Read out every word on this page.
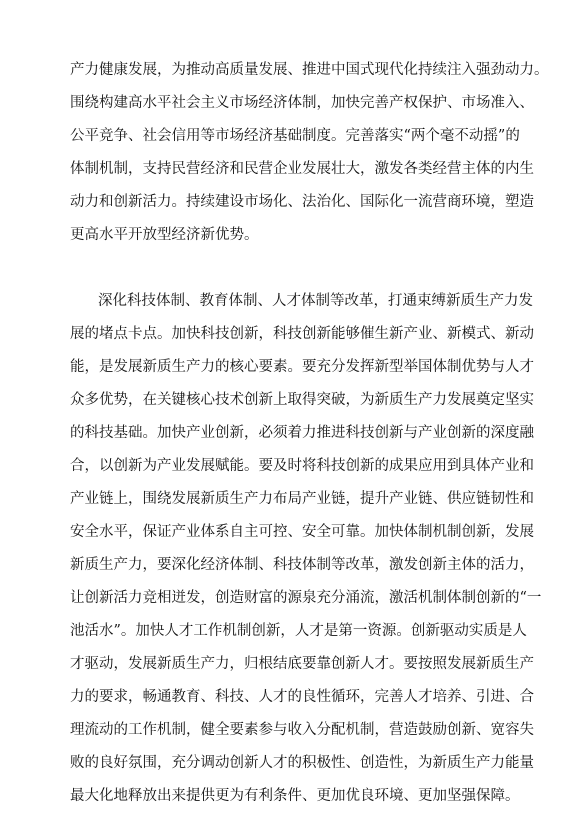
产力健康发展，为推动高质量发展、推进中国式现代化持续注入强劲动力。
围绕构建高水平社会主义市场经济体制，加快完善产权保护、市场准入、
公平竞争、社会信用等市场经济基础制度。完善落实“两个毫不动摇”的
体制机制，支持民营经济和民营企业发展壮大，激发各类经营主体的内生
动力和创新活力。持续建设市场化、法治化、国际化一流营商环境，塑造
更高水平开放型经济新优势。
深化科技体制、教育体制、人才体制等改革，打通束缚新质生产力发
展的堵点卡点。加快科技创新，科技创新能够催生新产业、新模式、新动
能，是发展新质生产力的核心要素。要充分发挥新型举国体制优势与人才
众多优势，在关键核心技术创新上取得突破，为新质生产力发展奠定坚实
的科技基础。加快产业创新，必须着力推进科技创新与产业创新的深度融
合，以创新为产业发展赋能。要及时将科技创新的成果应用到具体产业和
产业链上，围绕发展新质生产力布局产业链，提升产业链、供应链韧性和
安全水平，保证产业体系自主可控、安全可靠。加快体制机制创新，发展
新质生产力，要深化经济体制、科技体制等改革，激发创新主体的活力，
让创新活力竞相迸发，创造财富的源泉充分涌流，激活机制体制创新的“一
池活水”。加快人才工作机制创新，人才是第一资源。创新驱动实质是人
才驱动，发展新质生产力，归根结底要靠创新人才。要按照发展新质生产
力的要求，畅通教育、科技、人才的良性循环，完善人才培养、引进、合
理流动的工作机制，健全要素参与收入分配机制，营造鼓励创新、宽容失
败的良好氛围，充分调动创新人才的积极性、创造性，为新质生产力能量
最大化地释放出来提供更为有利条件、更加优良环境、更加坚强保障。
